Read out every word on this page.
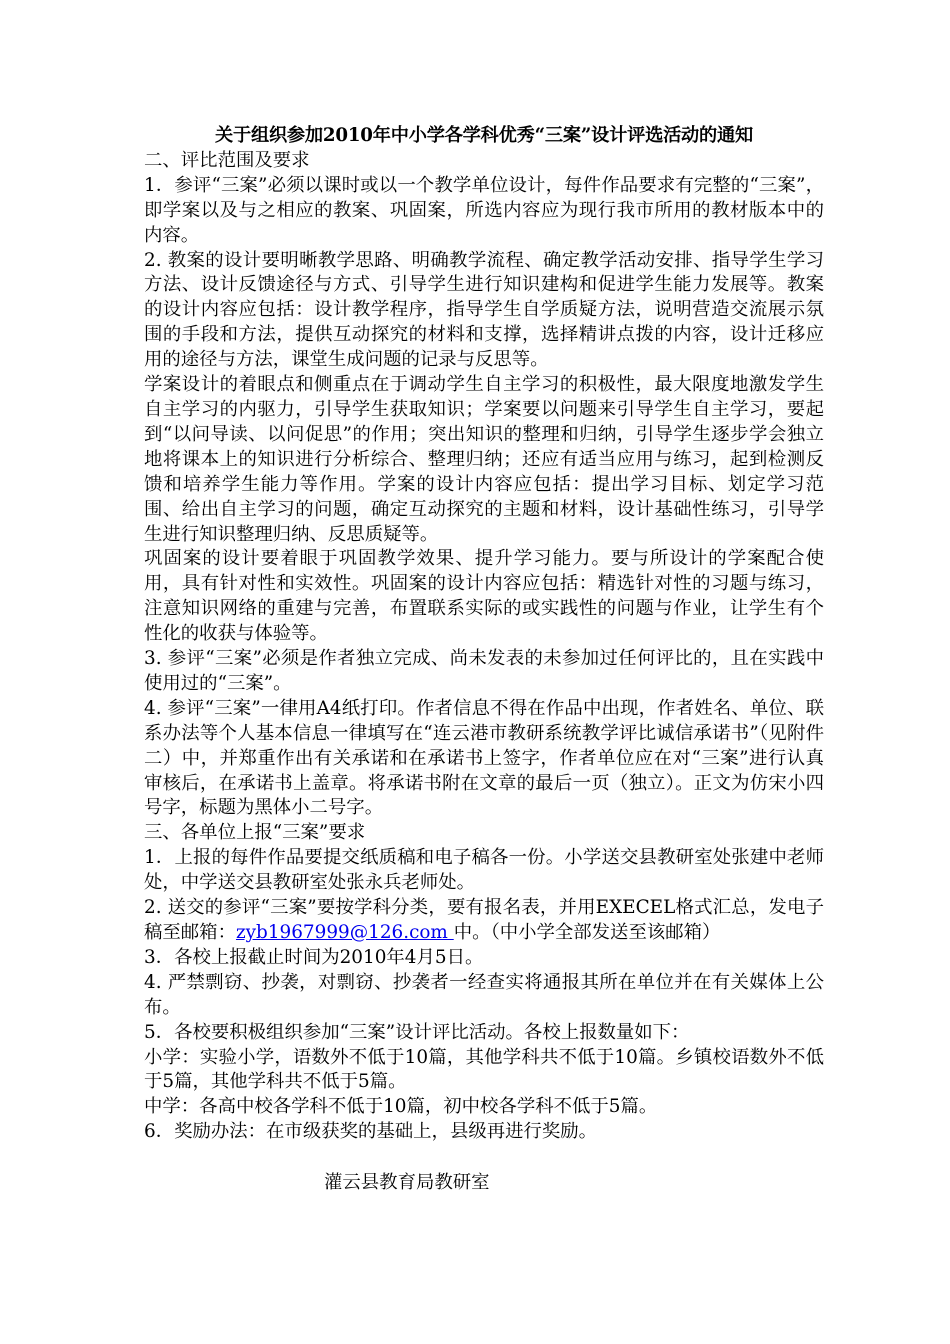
关于组织参加2010年中小学各学科优秀“三案”设计评选活动的通知

二、评比范围及要求

1．参评“三案”必须以课时或以一个教学单位设计，每件作品要求有完整的“三案”，即学案以及与之相应的教案、巩固案，所选内容应为现行我市所用的教材版本中的内容。

2. 教案的设计要明晰教学思路、明确教学流程、确定教学活动安排、指导学生学习方法、设计反馈途径与方式、引导学生进行知识建构和促进学生能力发展等。教案的设计内容应包括：设计教学程序，指导学生自学质疑方法，说明营造交流展示氛围的手段和方法，提供互动探究的材料和支撑，选择精讲点拨的内容，设计迁移应用的途径与方法，课堂生成问题的记录与反思等。

学案设计的着眼点和侧重点在于调动学生自主学习的积极性，最大限度地激发学生自主学习的内驱力，引导学生获取知识；学案要以问题来引导学生自主学习，要起到“以问导读、以问促思”的作用；突出知识的整理和归纳，引导学生逐步学会独立地将课本上的知识进行分析综合、整理归纳；还应有适当应用与练习，起到检测反馈和培养学生能力等作用。学案的设计内容应包括：提出学习目标、划定学习范围、给出自主学习的问题，确定互动探究的主题和材料，设计基础性练习，引导学生进行知识整理归纳、反思质疑等。

巩固案的设计要着眼于巩固教学效果、提升学习能力。要与所设计的学案配合使用，具有针对性和实效性。巩固案的设计内容应包括：精选针对性的习题与练习，注意知识网络的重建与完善，布置联系实际的或实践性的问题与作业，让学生有个性化的收获与体验等。

3. 参评“三案”必须是作者独立完成、尚未发表的未参加过任何评比的，且在实践中使用过的“三案”。

4. 参评“三案”一律用A4纸打印。作者信息不得在作品中出现，作者姓名、单位、联系办法等个人基本信息一律填写在“连云港市教研系统教学评比诚信承诺书”（见附件二）中，并郑重作出有关承诺和在承诺书上签字，作者单位应在对“三案”进行认真审核后，在承诺书上盖章。将承诺书附在文章的最后一页（独立）。正文为仿宋小四号字，标题为黑体小二号字。

三、各单位上报“三案”要求

1．上报的每件作品要提交纸质稿和电子稿各一份。小学送交县教研室处张建中老师处，中学送交县教研室处张永兵老师处。

2. 送交的参评“三案”要按学科分类，要有报名表，并用EXECEL格式汇总，发电子稿至邮箱：zyb1967999@126.com 中。（中小学全部发送至该邮箱）

3．各校上报截止时间为2010年4月5日。

4. 严禁剽窃、抄袭，对剽窃、抄袭者一经查实将通报其所在单位并在有关媒体上公布。

5．各校要积极组织参加“三案”设计评比活动。各校上报数量如下：

小学：实验小学，语数外不低于10篇，其他学科共不低于10篇。乡镇校语数外不低于5篇，其他学科共不低于5篇。

中学：各高中校各学科不低于10篇，初中校各学科不低于5篇。

6．奖励办法：在市级获奖的基础上，县级再进行奖励。

灌云县教育局教研室
